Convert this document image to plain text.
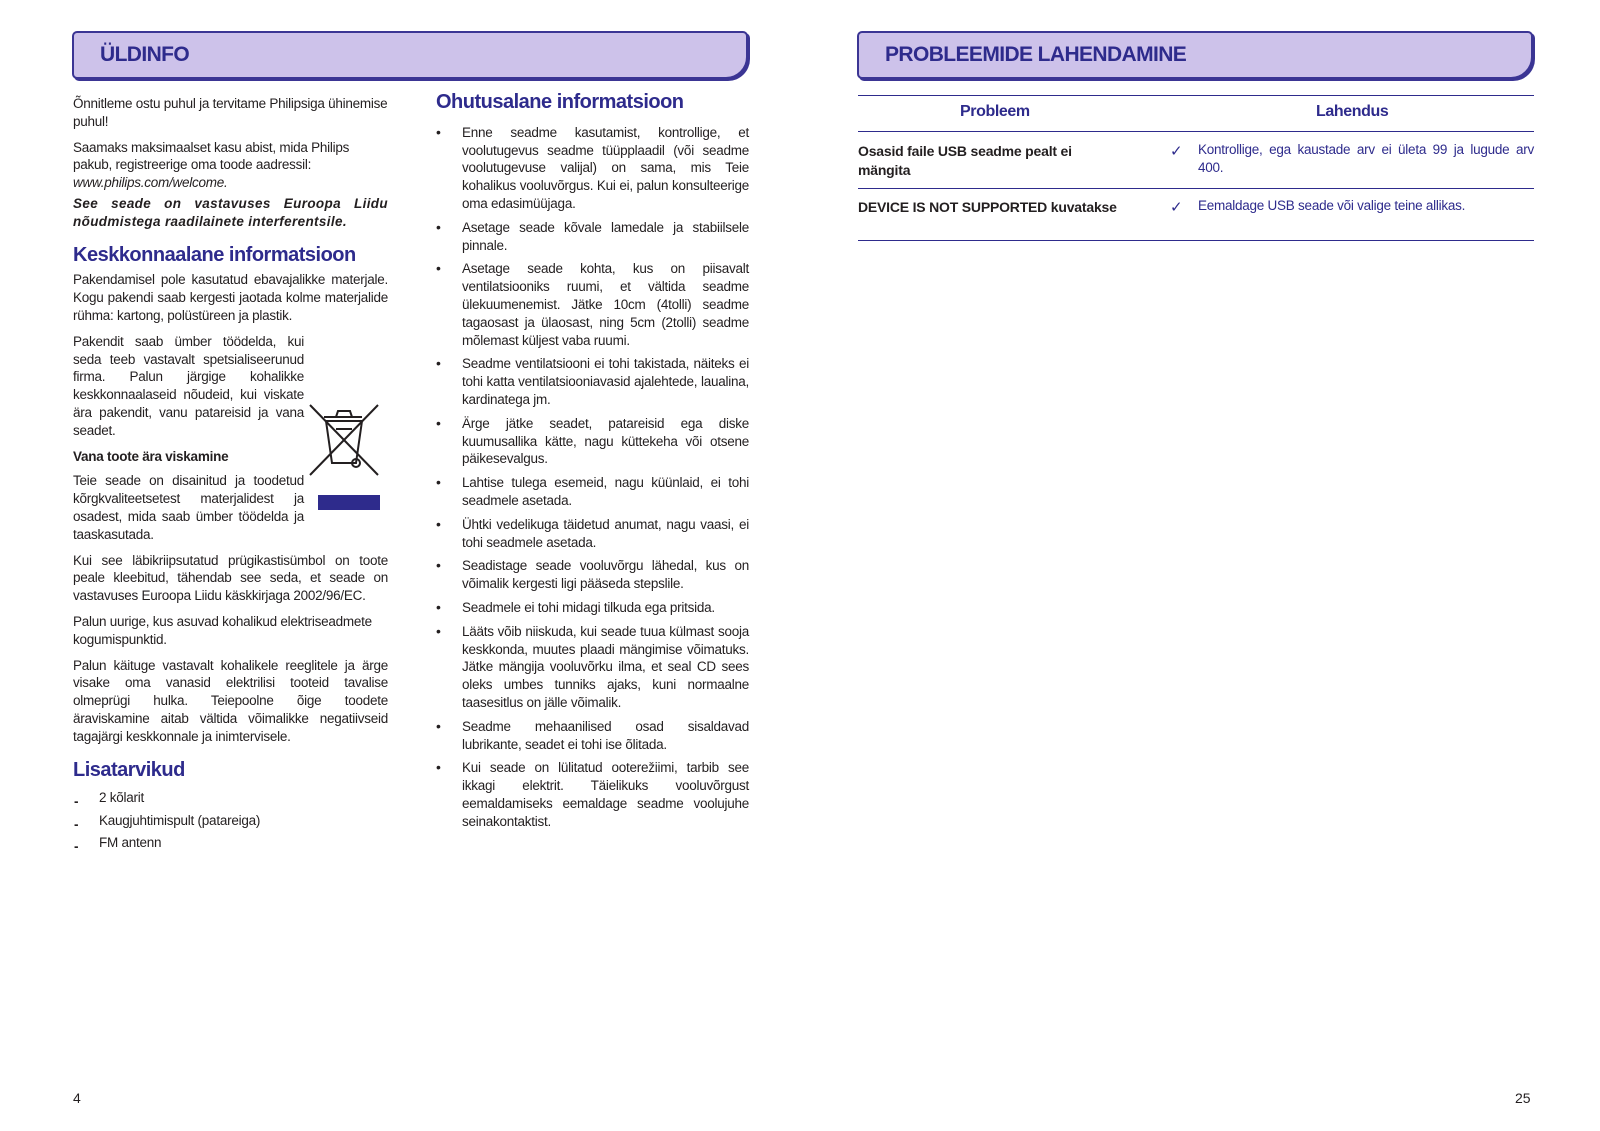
ÜLDINFO

Õnnitleme ostu puhul ja tervitame Philipsiga ühinemise puhul!

Saamaks maksimaalset kasu abist, mida Philips pakub, registreerige oma toode aadressil:

www.philips.com/welcome.

See seade on vastavuses Euroopa Liidu nõudmistega raadilainete interferentsile.

Keskkonnaalane informatsioon

Pakendamisel pole kasutatud ebavajalikke materjale. Kogu pakendi saab kergesti jaotada kolme materjalide rühma: kartong, polüstüreen ja plastik.

Pakendit saab ümber töödelda, kui seda teeb vastavalt spetsialiseerunud firma. Palun järgige kohalikke keskkonnaalaseid nõudeid, kui viskate ära pakendit, vanu patareisid ja vana seadet.

Vana toote ära viskamine

Teie seade on disainitud ja toodetud kõrgkvaliteetsetest materjalidest ja osadest, mida saab ümber töödelda ja taaskasutada.

Kui see läbikriipsutatud prügikastisümbol on toote peale kleebitud, tähendab see seda, et seade on vastavuses Euroopa Liidu käskkirjaga 2002/96/EC.

Palun uurige, kus asuvad kohalikud elektriseadmete kogumispunktid.

Palun käituge vastavalt kohalikele reeglitele ja ärge visake oma vanasid elektrilisi tooteid tavalise olmeprügi hulka. Teiepoolne õige toodete äraviskamine aitab vältida võimalikke negatiivseid tagajärgi keskkonnale ja inimtervisele.

Lisatarvikud
- 2 kõlarit
- Kaugjuhtimispult (patareiga)
- FM antenn
Ohutusalane informatsioon
• Enne seadme kasutamist, kontrollige, et voolutugevus seadme tüüpplaadil (või seadme voolutugevuse valijal) on sama, mis Teie kohalikus vooluvõrgus. Kui ei, palun konsulteerige oma edasimüüjaga.
• Asetage seade kõvale lamedale ja stabiilsele pinnale.
• Asetage seade kohta, kus on piisavalt ventilatsiooniks ruumi, et vältida seadme ülekuumenemist. Jätke 10cm (4tolli) seadme tagaosast ja ülaosast, ning 5cm (2tolli) seadme mõlemast küljest vaba ruumi.
• Seadme ventilatsiooni ei tohi takistada, näiteks ei tohi katta ventilatsiooniavasid ajalehtede, laualina, kardinatega jm.
• Ärge jätke seadet, patareisid ega diske kuumusallika kätte, nagu küttekeha või otsene päikesevalgus.
• Lahtise tulega esemeid, nagu küünlaid, ei tohi seadmele asetada.
• Ühtki vedelikuga täidetud anumat, nagu vaasi, ei tohi seadmele asetada.
• Seadistage seade vooluvõrgu lähedal, kus on võimalik kergesti ligi pääseda stepslile.
• Seadmele ei tohi midagi tilkuda ega pritsida.
• Lääts võib niiskuda, kui seade tuua külmast sooja keskkonda, muutes plaadi mängimise võimatuks. Jätke mängija vooluvõrku ilma, et seal CD sees oleks umbes tunniks ajaks, kuni normaalne taasesitlus on jälle võimalik.
• Seadme mehaanilised osad sisaldavad lubrikante, seadet ei tohi ise õlitada.
• Kui seade on lülitatud ooterežiimi, tarbib see ikkagi elektrit. Täielikuks vooluvõrgust eemaldamiseks eemaldage seadme voolujuhe seinakontaktist.
4
PROBLEEMIDE LAHENDAMINE
Probleem	Lahendus
Osasid faile USB seadme pealt ei mängita
✓ Kontrollige, ega kaustade arv ei ületa 99 ja lugude arv 400.
DEVICE IS NOT SUPPORTED kuvatakse	✓ Eemaldage USB seade või valige teine allikas.
25
